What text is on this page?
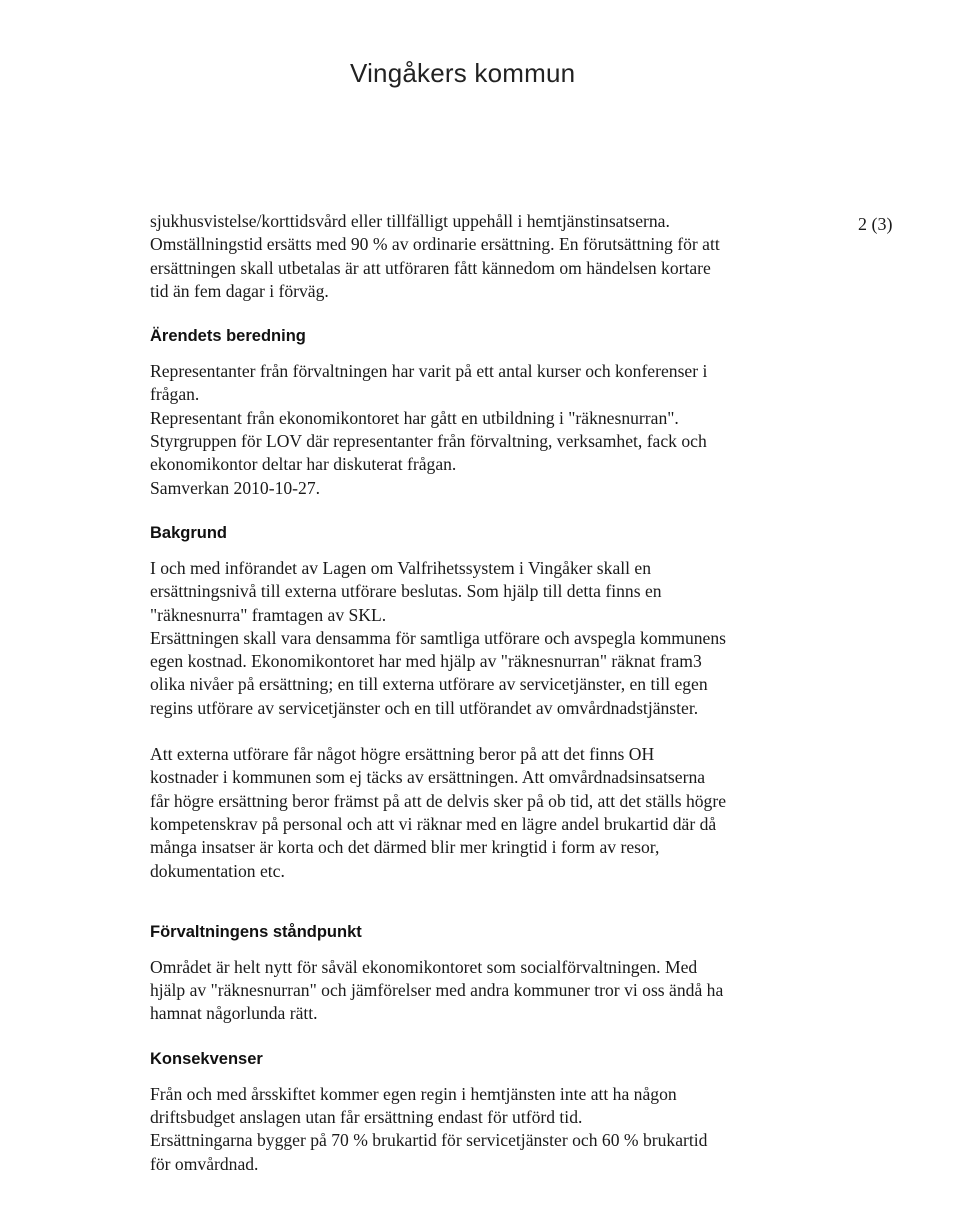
Vingåkers kommun
2 (3)

sjukhusvistelse/korttidsvård eller tillfälligt uppehåll i hemtjänstinsatserna.
Omställningstid ersätts med 90 % av ordinarie ersättning. En förutsättning för att
ersättningen skall utbetalas är att utföraren fått kännedom om händelsen kortare
tid än fem dagar i förväg.

Ärendets beredning

Representanter från förvaltningen har varit på ett antal kurser och konferenser i
frågan.
Representant från ekonomikontoret har gått en utbildning i "räknesnurran".
Styrgruppen för LOV där representanter från förvaltning, verksamhet, fack och
ekonomikontor deltar har diskuterat frågan.
Samverkan 2010-10-27.

Bakgrund

I och med införandet av Lagen om Valfrihetssystem i Vingåker skall en
ersättningsnivå till externa utförare beslutas. Som hjälp till detta finns en
"räknesnurra" framtagen av SKL.
Ersättningen skall vara densamma för samtliga utförare och avspegla kommunens
egen kostnad. Ekonomikontoret har med hjälp av "räknesnurran" räknat fram3
olika nivåer på ersättning; en till externa utförare av servicetjänster, en till egen
regins utförare av servicetjänster och en till utförandet av omvårdnadstjänster.

Att externa utförare får något högre ersättning beror på att det finns OH
kostnader i kommunen som ej täcks av ersättningen. Att omvårdnadsinsatserna
får högre ersättning beror främst på att de delvis sker på ob tid, att det ställs högre
kompetenskrav på personal och att vi räknar med en lägre andel brukartid där då
många insatser är korta och det därmed blir mer kringtid i form av resor,
dokumentation etc.

Förvaltningens ståndpunkt

Området är helt nytt för såväl ekonomikontoret som socialförvaltningen. Med
hjälp av "räknesnurran" och jämförelser med andra kommuner tror vi oss ändå ha
hamnat någorlunda rätt.

Konsekvenser

Från och med årsskiftet kommer egen regin i hemtjänsten inte att ha någon
driftsbudget anslagen utan får ersättning endast för utförd tid.
Ersättningarna bygger på 70 % brukartid för servicetjänster och 60 % brukartid
för omvårdnad.
